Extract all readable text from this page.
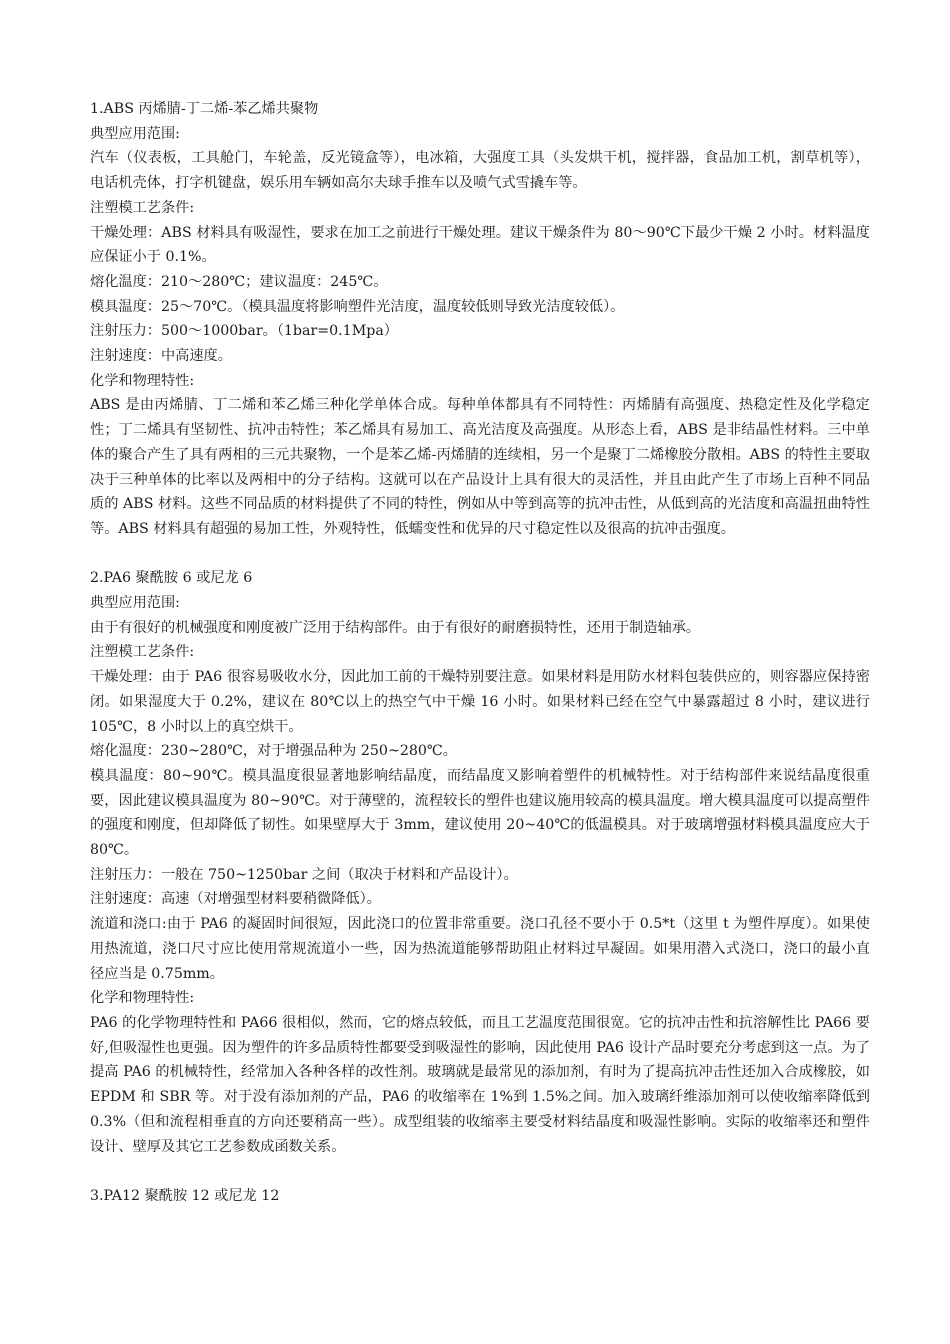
1.ABS 丙烯腈-丁二烯-苯乙烯共聚物
典型应用范围:
汽车（仪表板，工具舱门，车轮盖，反光镜盒等），电冰箱，大强度工具（头发烘干机，搅拌器，食品加工机，割草机等），电话机壳体，打字机键盘，娱乐用车辆如高尔夫球手推车以及喷气式雪撬车等。
注塑模工艺条件:
干燥处理：ABS 材料具有吸湿性，要求在加工之前进行干燥处理。建议干燥条件为 80～90℃下最少干燥 2 小时。材料温度应保证小于 0.1%。
熔化温度：210～280℃；建议温度：245℃。
模具温度：25～70℃。（模具温度将影响塑件光洁度，温度较低则导致光洁度较低）。
注射压力：500～1000bar。（1bar=0.1Mpa）
注射速度：中高速度。
化学和物理特性:
ABS 是由丙烯腈、丁二烯和苯乙烯三种化学单体合成。每种单体都具有不同特性：丙烯腈有高强度、热稳定性及化学稳定性；丁二烯具有坚韧性、抗冲击特性；苯乙烯具有易加工、高光洁度及高强度。从形态上看，ABS 是非结晶性材料。三中单体的聚合产生了具有两相的三元共聚物，一个是苯乙烯-丙烯腈的连续相，另一个是聚丁二烯橡胶分散相。ABS 的特性主要取决于三种单体的比率以及两相中的分子结构。这就可以在产品设计上具有很大的灵活性，并且由此产生了市场上百种不同品质的 ABS 材料。这些不同品质的材料提供了不同的特性，例如从中等到高等的抗冲击性，从低到高的光洁度和高温扭曲特性等。ABS 材料具有超强的易加工性，外观特性，低蠕变性和优异的尺寸稳定性以及很高的抗冲击强度。
2.PA6 聚酰胺 6 或尼龙 6
典型应用范围:
由于有很好的机械强度和刚度被广泛用于结构部件。由于有很好的耐磨损特性，还用于制造轴承。
注塑模工艺条件:
干燥处理：由于 PA6 很容易吸收水分，因此加工前的干燥特别要注意。如果材料是用防水材料包装供应的，则容器应保持密闭。如果湿度大于 0.2%，建议在 80℃以上的热空气中干燥 16 小时。如果材料已经在空气中暴露超过 8 小时，建议进行 105℃，8 小时以上的真空烘干。
熔化温度：230~280℃，对于增强品种为 250~280℃。
模具温度：80~90℃。模具温度很显著地影响结晶度，而结晶度又影响着塑件的机械特性。对于结构部件来说结晶度很重要，因此建议模具温度为 80~90℃。对于薄壁的，流程较长的塑件也建议施用较高的模具温度。增大模具温度可以提高塑件的强度和刚度，但却降低了韧性。如果壁厚大于 3mm，建议使用 20~40℃的低温模具。对于玻璃增强材料模具温度应大于 80℃。
注射压力：一般在 750~1250bar 之间（取决于材料和产品设计）。
注射速度：高速（对增强型材料要稍微降低）。
流道和浇口:由于 PA6 的凝固时间很短，因此浇口的位置非常重要。浇口孔径不要小于 0.5*t（这里 t 为塑件厚度）。如果使用热流道，浇口尺寸应比使用常规流道小一些，因为热流道能够帮助阻止材料过早凝固。如果用潜入式浇口，浇口的最小直径应当是 0.75mm。
化学和物理特性:
PA6 的化学物理特性和 PA66 很相似，然而，它的熔点较低，而且工艺温度范围很宽。它的抗冲击性和抗溶解性比 PA66 要好,但吸湿性也更强。因为塑件的许多品质特性都要受到吸湿性的影响，因此使用 PA6 设计产品时要充分考虑到这一点。为了提高 PA6 的机械特性，经常加入各种各样的改性剂。玻璃就是最常见的添加剂，有时为了提高抗冲击性还加入合成橡胶，如 EPDM 和 SBR 等。对于没有添加剂的产品，PA6 的收缩率在 1%到 1.5%之间。加入玻璃纤维添加剂可以使收缩率降低到 0.3%（但和流程相垂直的方向还要稍高一些）。成型组装的收缩率主要受材料结晶度和吸湿性影响。实际的收缩率还和塑件设计、壁厚及其它工艺参数成函数关系。
3.PA12 聚酰胺 12 或尼龙 12
